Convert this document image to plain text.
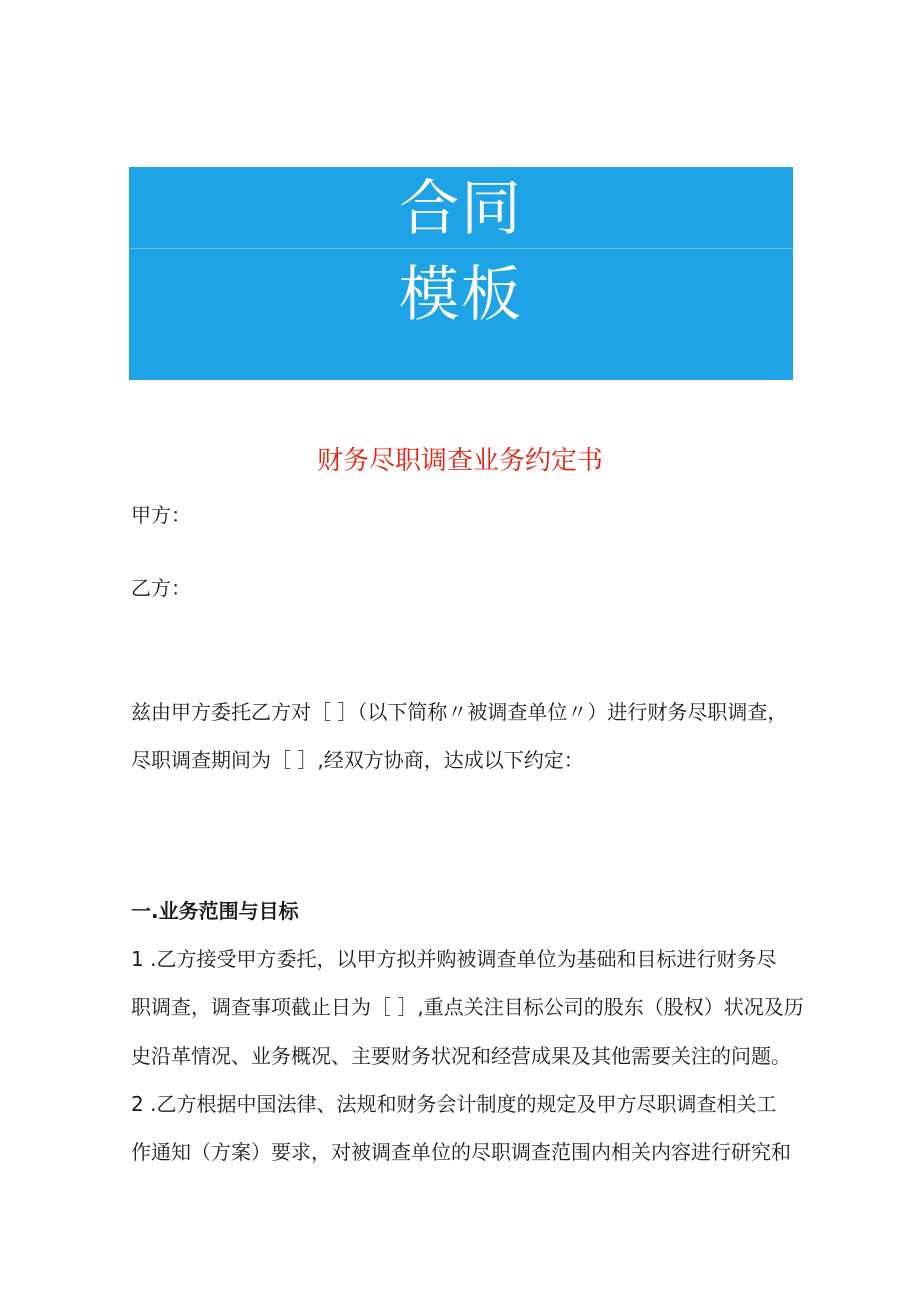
合同
模板
财务尽职调查业务约定书
甲方：
乙方：
兹由甲方委托乙方对［ ］（以下简称〃被调查单位〃）进行财务尽职调查，
尽职调查期间为［ ］,经双方协商，达成以下约定：
一.业务范围与目标
1 .乙方接受甲方委托，以甲方拟并购被调查单位为基础和目标进行财务尽
职调查，调查事项截止日为［ ］,重点关注目标公司的股东（股权）状况及历
史沿革情况、业务概况、主要财务状况和经营成果及其他需要关注的问题。
2 .乙方根据中国法律、法规和财务会计制度的规定及甲方尽职调查相关工
作通知（方案）要求，对被调查单位的尽职调查范围内相关内容进行研究和
